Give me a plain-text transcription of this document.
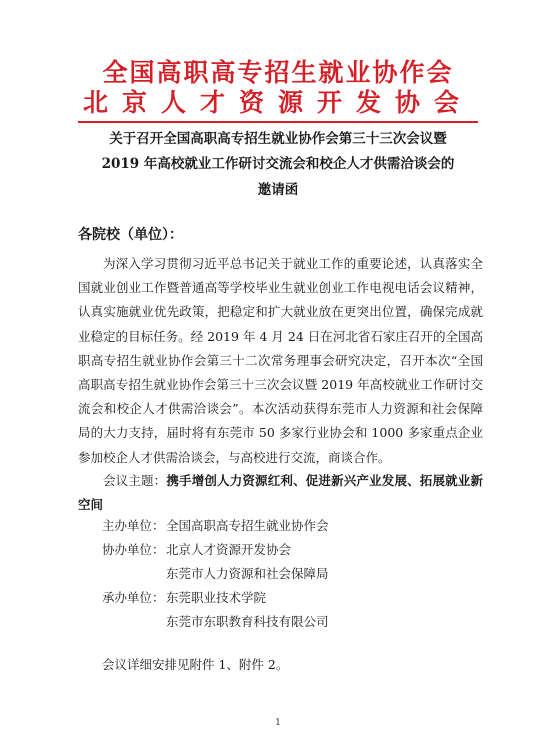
全国高职高专招生就业协作会
北京人才资源开发协会
关于召开全国高职高专招生就业协作会第三十三次会议暨
2019 年高校就业工作研讨交流会和校企人才供需洽谈会的
邀请函
各院校（单位）：
为深入学习贯彻习近平总书记关于就业工作的重要论述，认真落实全国就业创业工作暨普通高等学校毕业生就业创业工作电视电话会议精神，认真实施就业优先政策，把稳定和扩大就业放在更突出位置，确保完成就业稳定的目标任务。经 2019 年 4 月 24 日在河北省石家庄召开的全国高职高专招生就业协作会第三十二次常务理事会研究决定，召开本次“全国高职高专招生就业协作会第三十三次会议暨 2019 年高校就业工作研讨交流会和校企人才供需洽谈会”。本次活动获得东莞市人力资源和社会保障局的大力支持，届时将有东莞市 50 多家行业协会和 1000 多家重点企业参加校企人才供需洽谈会，与高校进行交流，商谈合作。
会议主题：携手增创人力资源红利、促进新兴产业发展、拓展就业新空间
主办单位： 全国高职高专招生就业协作会
协办单位： 北京人才资源开发协会
东莞市人力资源和社会保障局
承办单位： 东莞职业技术学院
东莞市东职教育科技有限公司
会议详细安排见附件 1、附件 2。
1
